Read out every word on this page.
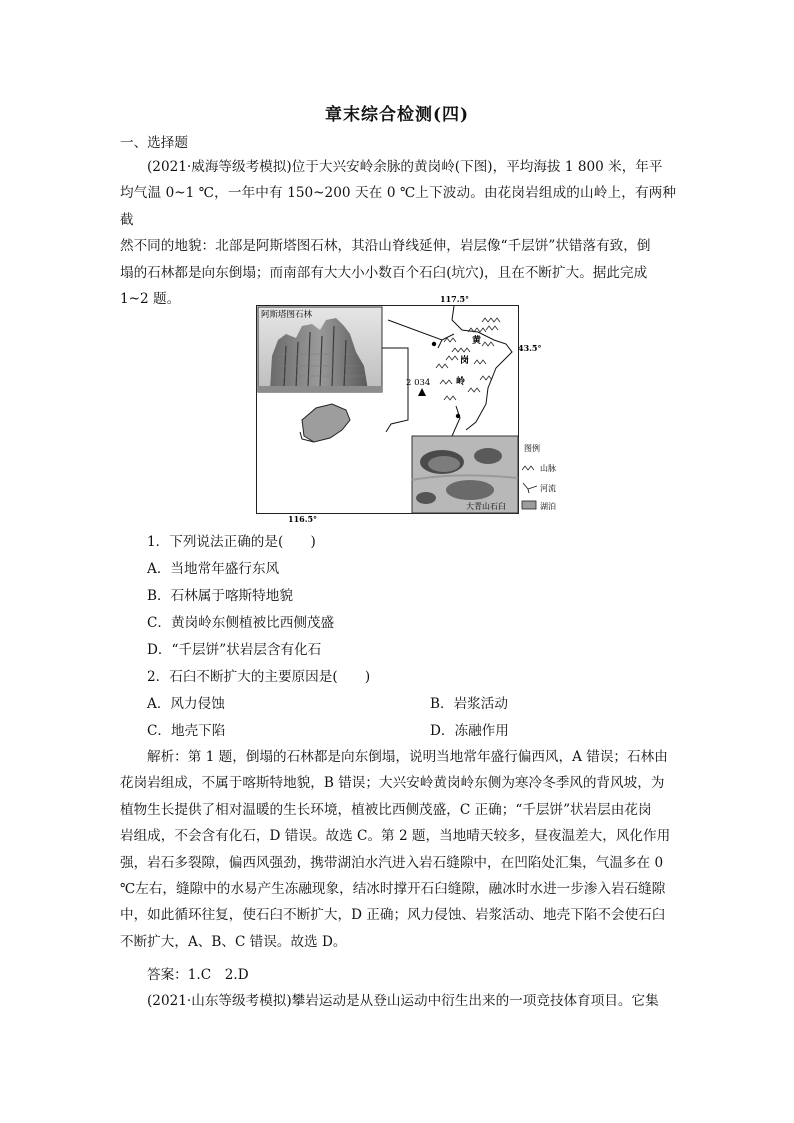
章末综合检测(四)
一、选择题
(2021·威海等级考模拟)位于大兴安岭余脉的黄岗岭(下图)，平均海拔 1 800 米，年平
均气温 0~1 ℃，一年中有 150~200 天在 0 ℃上下波动。由花岗岩组成的山岭上，有两种截
然不同的地貌：北部是阿斯塔图石林，其沿山脊线延伸，岩层像“千层饼”状错落有致，倒
塌的石林都是向东倒塌；而南部有大大小小数百个石臼(坑穴)，且在不断扩大。据此完成
1~2 题。	117.5°
116.5°
43.5°
阿斯塔图石林
2 034
黄
岗
岭
大青山石臼
图例
山脉
河流
湖泊
1．下列说法正确的是(　　)
A．当地常年盛行东风
B．石林属于喀斯特地貌
C．黄岗岭东侧植被比西侧茂盛
D．“千层饼”状岩层含有化石
2．石臼不断扩大的主要原因是(　　)
A．风力侵蚀	B．岩浆活动
C．地壳下陷	D．冻融作用
解析：第 1 题，倒塌的石林都是向东倒塌，说明当地常年盛行偏西风，A 错误；石林由
花岗岩组成，不属于喀斯特地貌，B 错误；大兴安岭黄岗岭东侧为寒冷冬季风的背风坡，为
植物生长提供了相对温暖的生长环境，植被比西侧茂盛，C 正确；“千层饼”状岩层由花岗
岩组成，不会含有化石，D 错误。故选 C。第 2 题，当地晴天较多，昼夜温差大，风化作用
强，岩石多裂隙，偏西风强劲，携带湖泊水汽进入岩石缝隙中，在凹陷处汇集，气温多在 0
℃左右，缝隙中的水易产生冻融现象，结冰时撑开石臼缝隙，融冰时水进一步渗入岩石缝隙
中，如此循环往复，使石臼不断扩大，D 正确；风力侵蚀、岩浆活动、地壳下陷不会使石臼
不断扩大，A、B、C 错误。故选 D。
答案：1.C　2.D
(2021·山东等级考模拟)攀岩运动是从登山运动中衍生出来的一项竞技体育项目。它集
